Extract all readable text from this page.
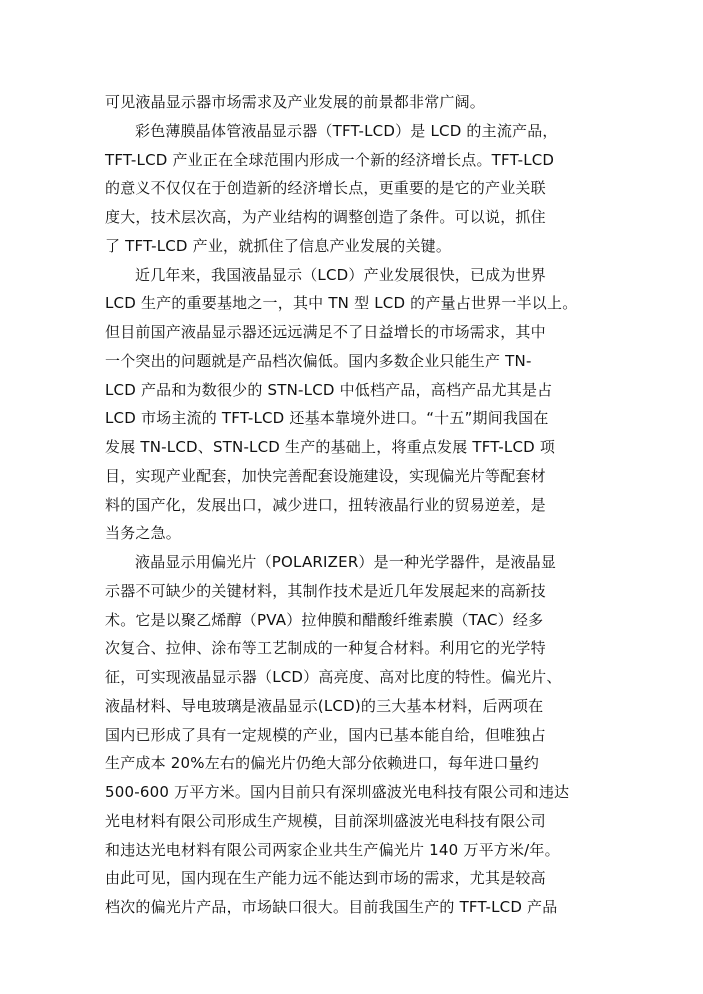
可见液晶显示器市场需求及产业发展的前景都非常广阔。
彩色薄膜晶体管液晶显示器（TFT-LCD）是 LCD 的主流产品，
TFT-LCD 产业正在全球范围内形成一个新的经济增长点。TFT-LCD
的意义不仅仅在于创造新的经济增长点，更重要的是它的产业关联
度大，技术层次高，为产业结构的调整创造了条件。可以说，抓住
了 TFT-LCD 产业，就抓住了信息产业发展的关键。
近几年来，我国液晶显示（LCD）产业发展很快，已成为世界
LCD 生产的重要基地之一，其中 TN 型 LCD 的产量占世界一半以上。
但目前国产液晶显示器还远远满足不了日益增长的市场需求，其中
一个突出的问题就是产品档次偏低。国内多数企业只能生产 TN-
LCD 产品和为数很少的 STN-LCD 中低档产品，高档产品尤其是占
LCD 市场主流的 TFT-LCD 还基本靠境外进口。“十五”期间我国在
发展 TN-LCD、STN-LCD 生产的基础上，将重点发展 TFT-LCD 项
目，实现产业配套，加快完善配套设施建设，实现偏光片等配套材
料的国产化，发展出口，减少进口，扭转液晶行业的贸易逆差，是
当务之急。
液晶显示用偏光片（POLARIZER）是一种光学器件，是液晶显
示器不可缺少的关键材料，其制作技术是近几年发展起来的高新技
术。它是以聚乙烯醇（PVA）拉伸膜和醋酸纤维素膜（TAC）经多
次复合、拉伸、涂布等工艺制成的一种复合材料。利用它的光学特
征，可实现液晶显示器（LCD）高亮度、高对比度的特性。偏光片、
液晶材料、导电玻璃是液晶显示(LCD)的三大基本材料，后两项在
国内已形成了具有一定规模的产业，国内已基本能自给，但唯独占
生产成本 20%左右的偏光片仍绝大部分依赖进口，每年进口量约
500-600 万平方米。国内目前只有深圳盛波光电科技有限公司和违达
光电材料有限公司形成生产规模，目前深圳盛波光电科技有限公司
和违达光电材料有限公司两家企业共生产偏光片 140 万平方米/年。
由此可见，国内现在生产能力远不能达到市场的需求，尤其是较高
档次的偏光片产品，市场缺口很大。目前我国生产的 TFT-LCD 产品
